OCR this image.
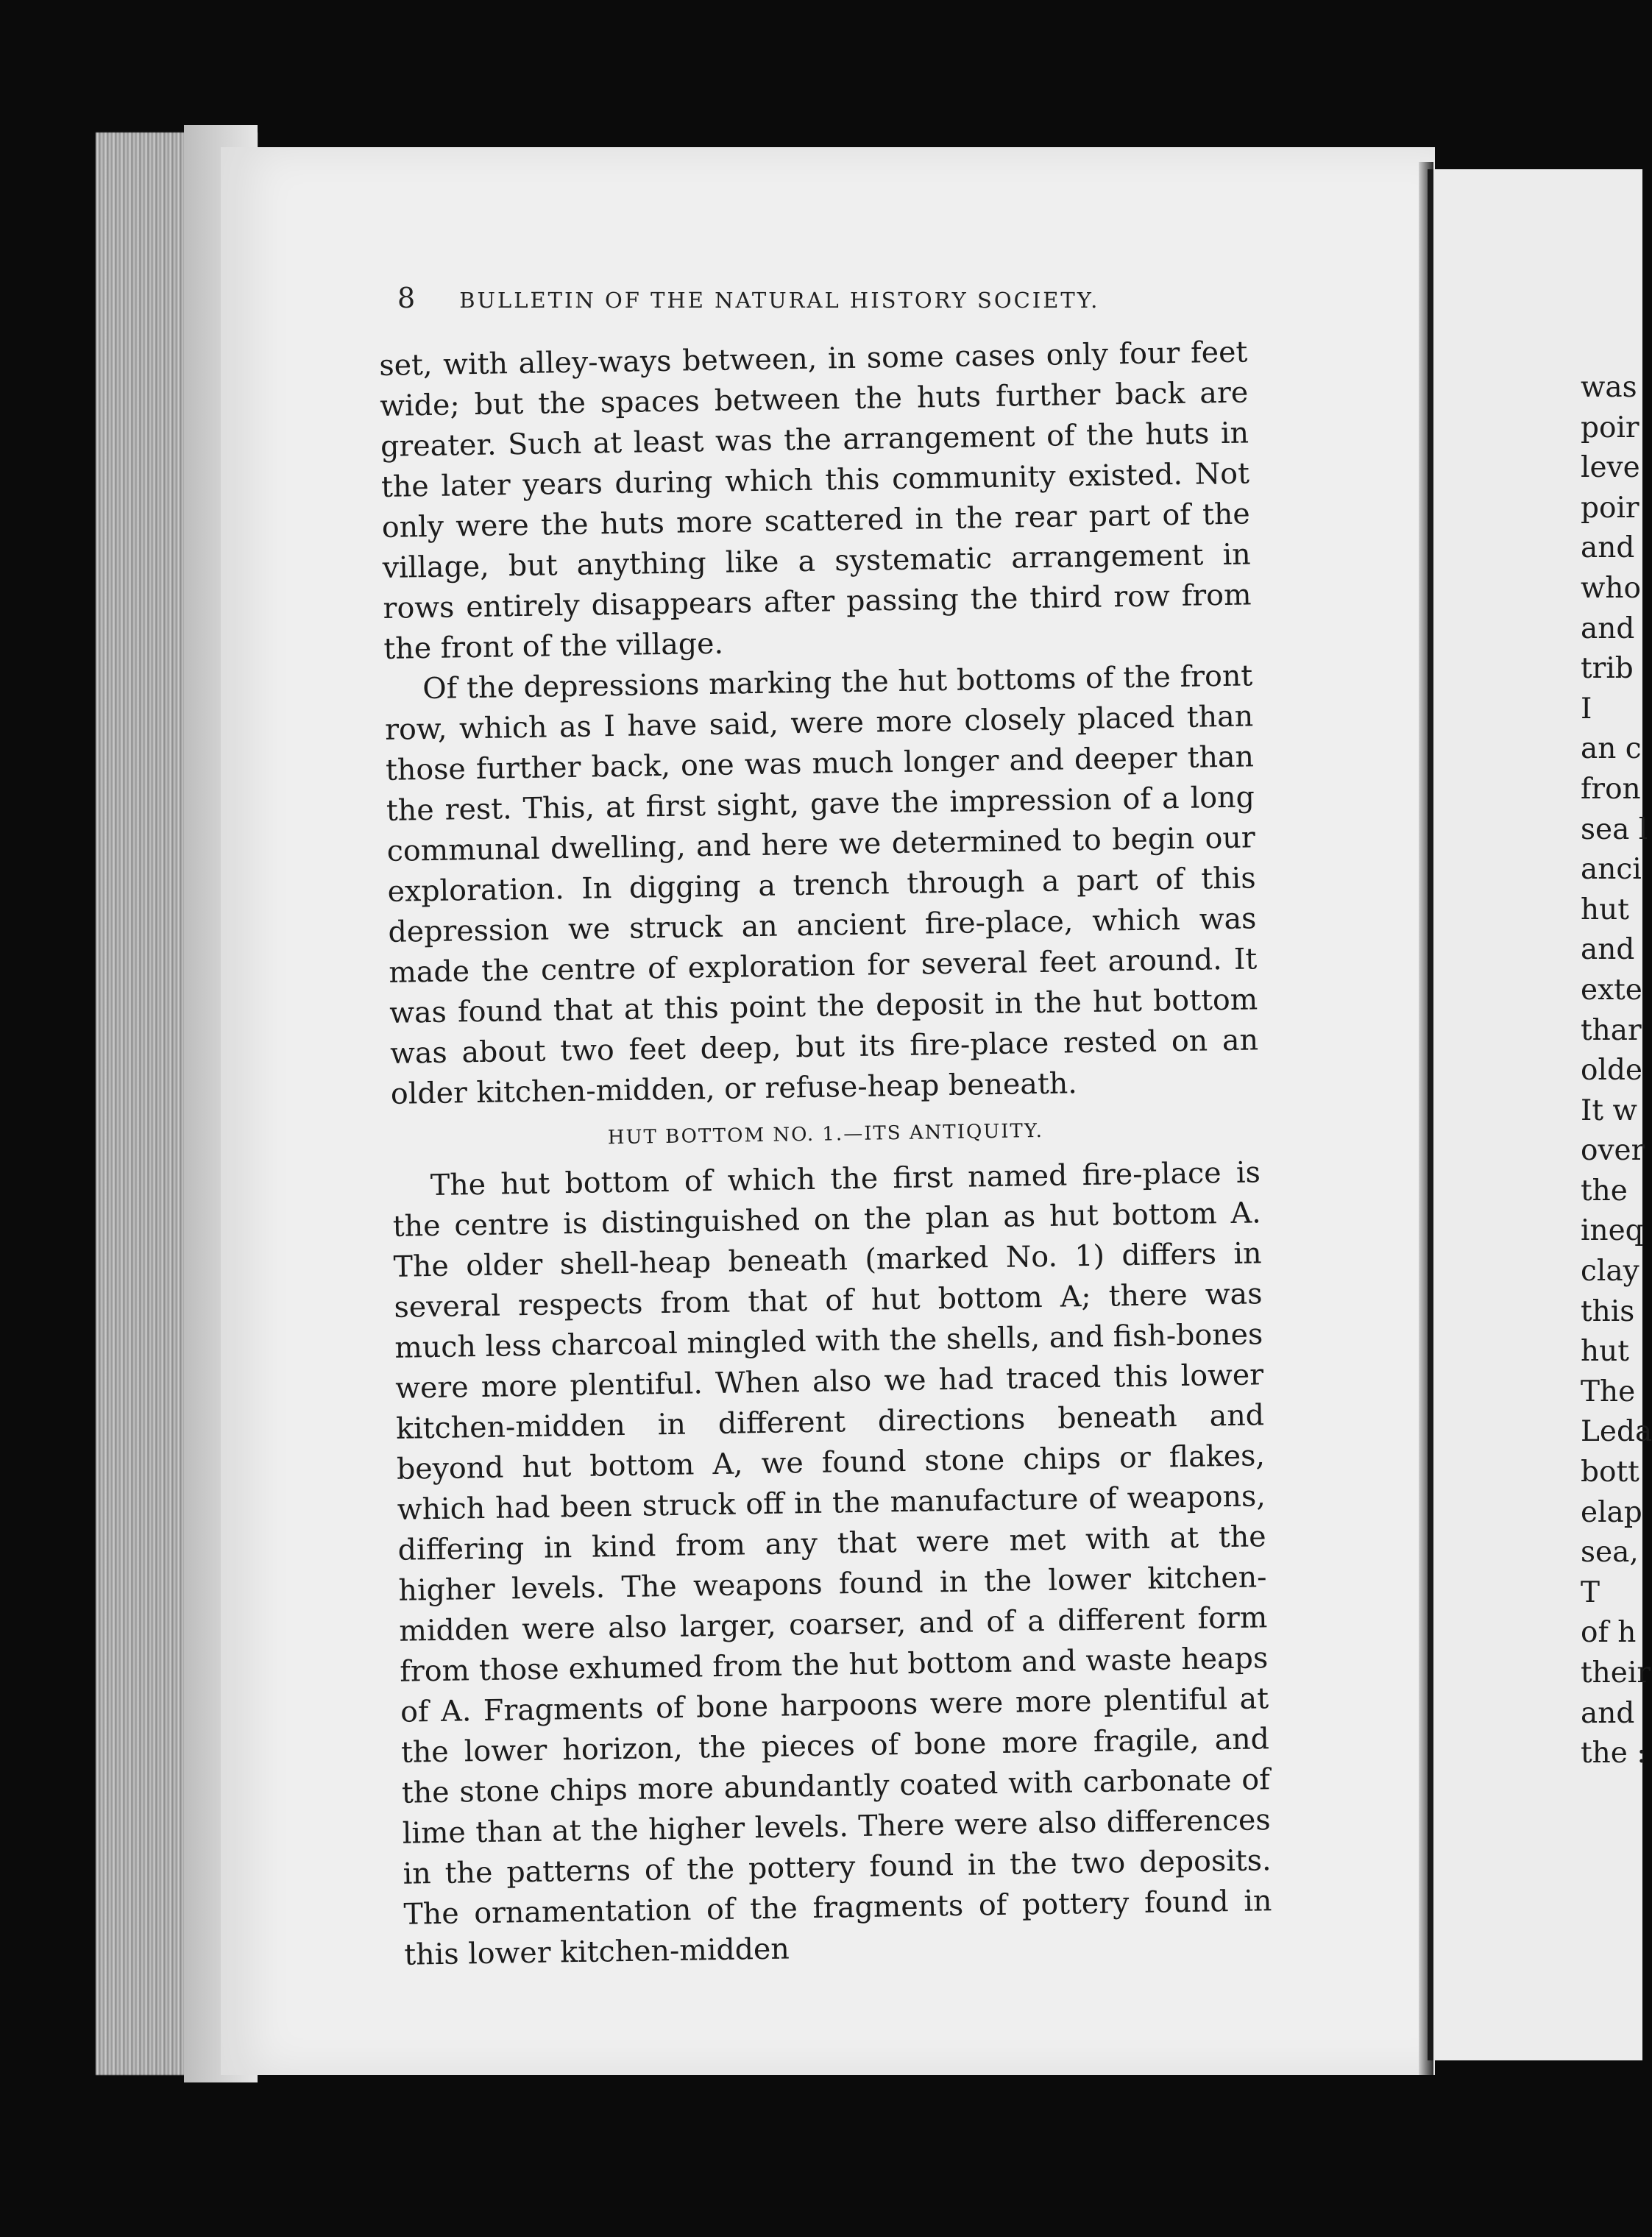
8 BULLETIN OF THE NATURAL HISTORY SOCIETY.

set, with alley-ways between, in some cases only four feet wide; but the spaces between the huts further back are greater. Such at least was the arrangement of the huts in the later years during which this community existed. Not only were the huts more scattered in the rear part of the village, but anything like a systematic arrangement in rows entirely disappears after passing the third row from the front of the village.

Of the depressions marking the hut bottoms of the front row, which as I have said, were more closely placed than those further back, one was much longer and deeper than the rest. This, at first sight, gave the impression of a long communal dwelling, and here we determined to begin our exploration. In digging a trench through a part of this depression we struck an ancient fire-place, which was made the centre of exploration for several feet around. It was found that at this point the deposit in the hut bottom was about two feet deep, but its fire-place rested on an older kitchen-midden, or refuse-heap beneath.

HUT BOTTOM NO. 1.—ITS ANTIQUITY.

The hut bottom of which the first named fire-place is the centre is distinguished on the plan as hut bottom A. The older shell-heap beneath (marked No. 1) differs in several respects from that of hut bottom A; there was much less charcoal mingled with the shells, and fish-bones were more plentiful. When also we had traced this lower kitchen-midden in different directions beneath and beyond hut bottom A, we found stone chips or flakes, which had been struck off in the manufacture of weapons, differing in kind from any that were met with at the higher levels. The weapons found in the lower kitchen-midden were also larger, coarser, and of a different form from those exhumed from the hut bottom and waste heaps of A. Fragments of bone harpoons were more plentiful at the lower horizon, the pieces of bone more fragile, and the stone chips more abundantly coated with carbonate of lime than at the higher levels. There were also differences in the patterns of the pottery found in the two deposits. The ornamentation of the fragments of pottery found in this lower kitchen-midden

was
poir
leve
poir
and
who
and
trib
I
an c
fron
sea l
anci
hut
and
exte
thar
olde
It w
over
the
ineq
clay
this
hut
The
Leda
bott
elap
sea,
T
of h
their
and
the :
